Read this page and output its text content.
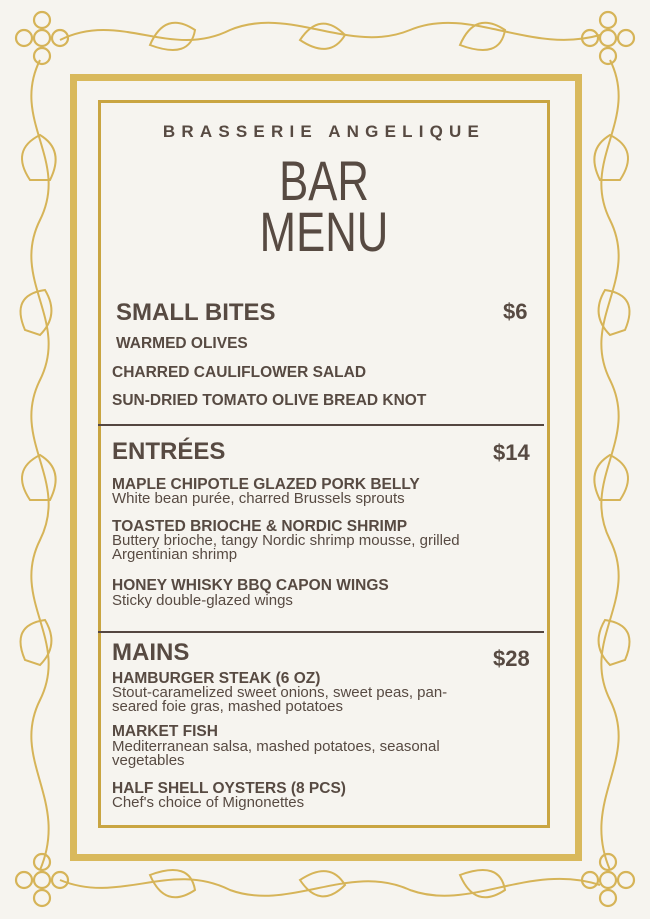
BRASSERIE ANGELIQUE
BAR
MENU
SMALL BITES	$6
WARMED OLIVES
CHARRED CAULIFLOWER SALAD
SUN-DRIED TOMATO OLIVE BREAD KNOT
ENTRÉES	$14
MAPLE CHIPOTLE GLAZED PORK BELLY
White bean purée, charred Brussels sprouts
TOASTED BRIOCHE & NORDIC SHRIMP
Buttery brioche, tangy Nordic shrimp mousse, grilled Argentinian shrimp
HONEY WHISKY BBQ CAPON WINGS
Sticky double-glazed wings
MAINS	$28
HAMBURGER STEAK (6 OZ)
Stout-caramelized sweet onions, sweet peas, pan-seared foie gras, mashed potatoes
MARKET FISH
Mediterranean salsa, mashed potatoes, seasonal vegetables
HALF SHELL OYSTERS (8 PCS)
Chef's choice of Mignonettes
